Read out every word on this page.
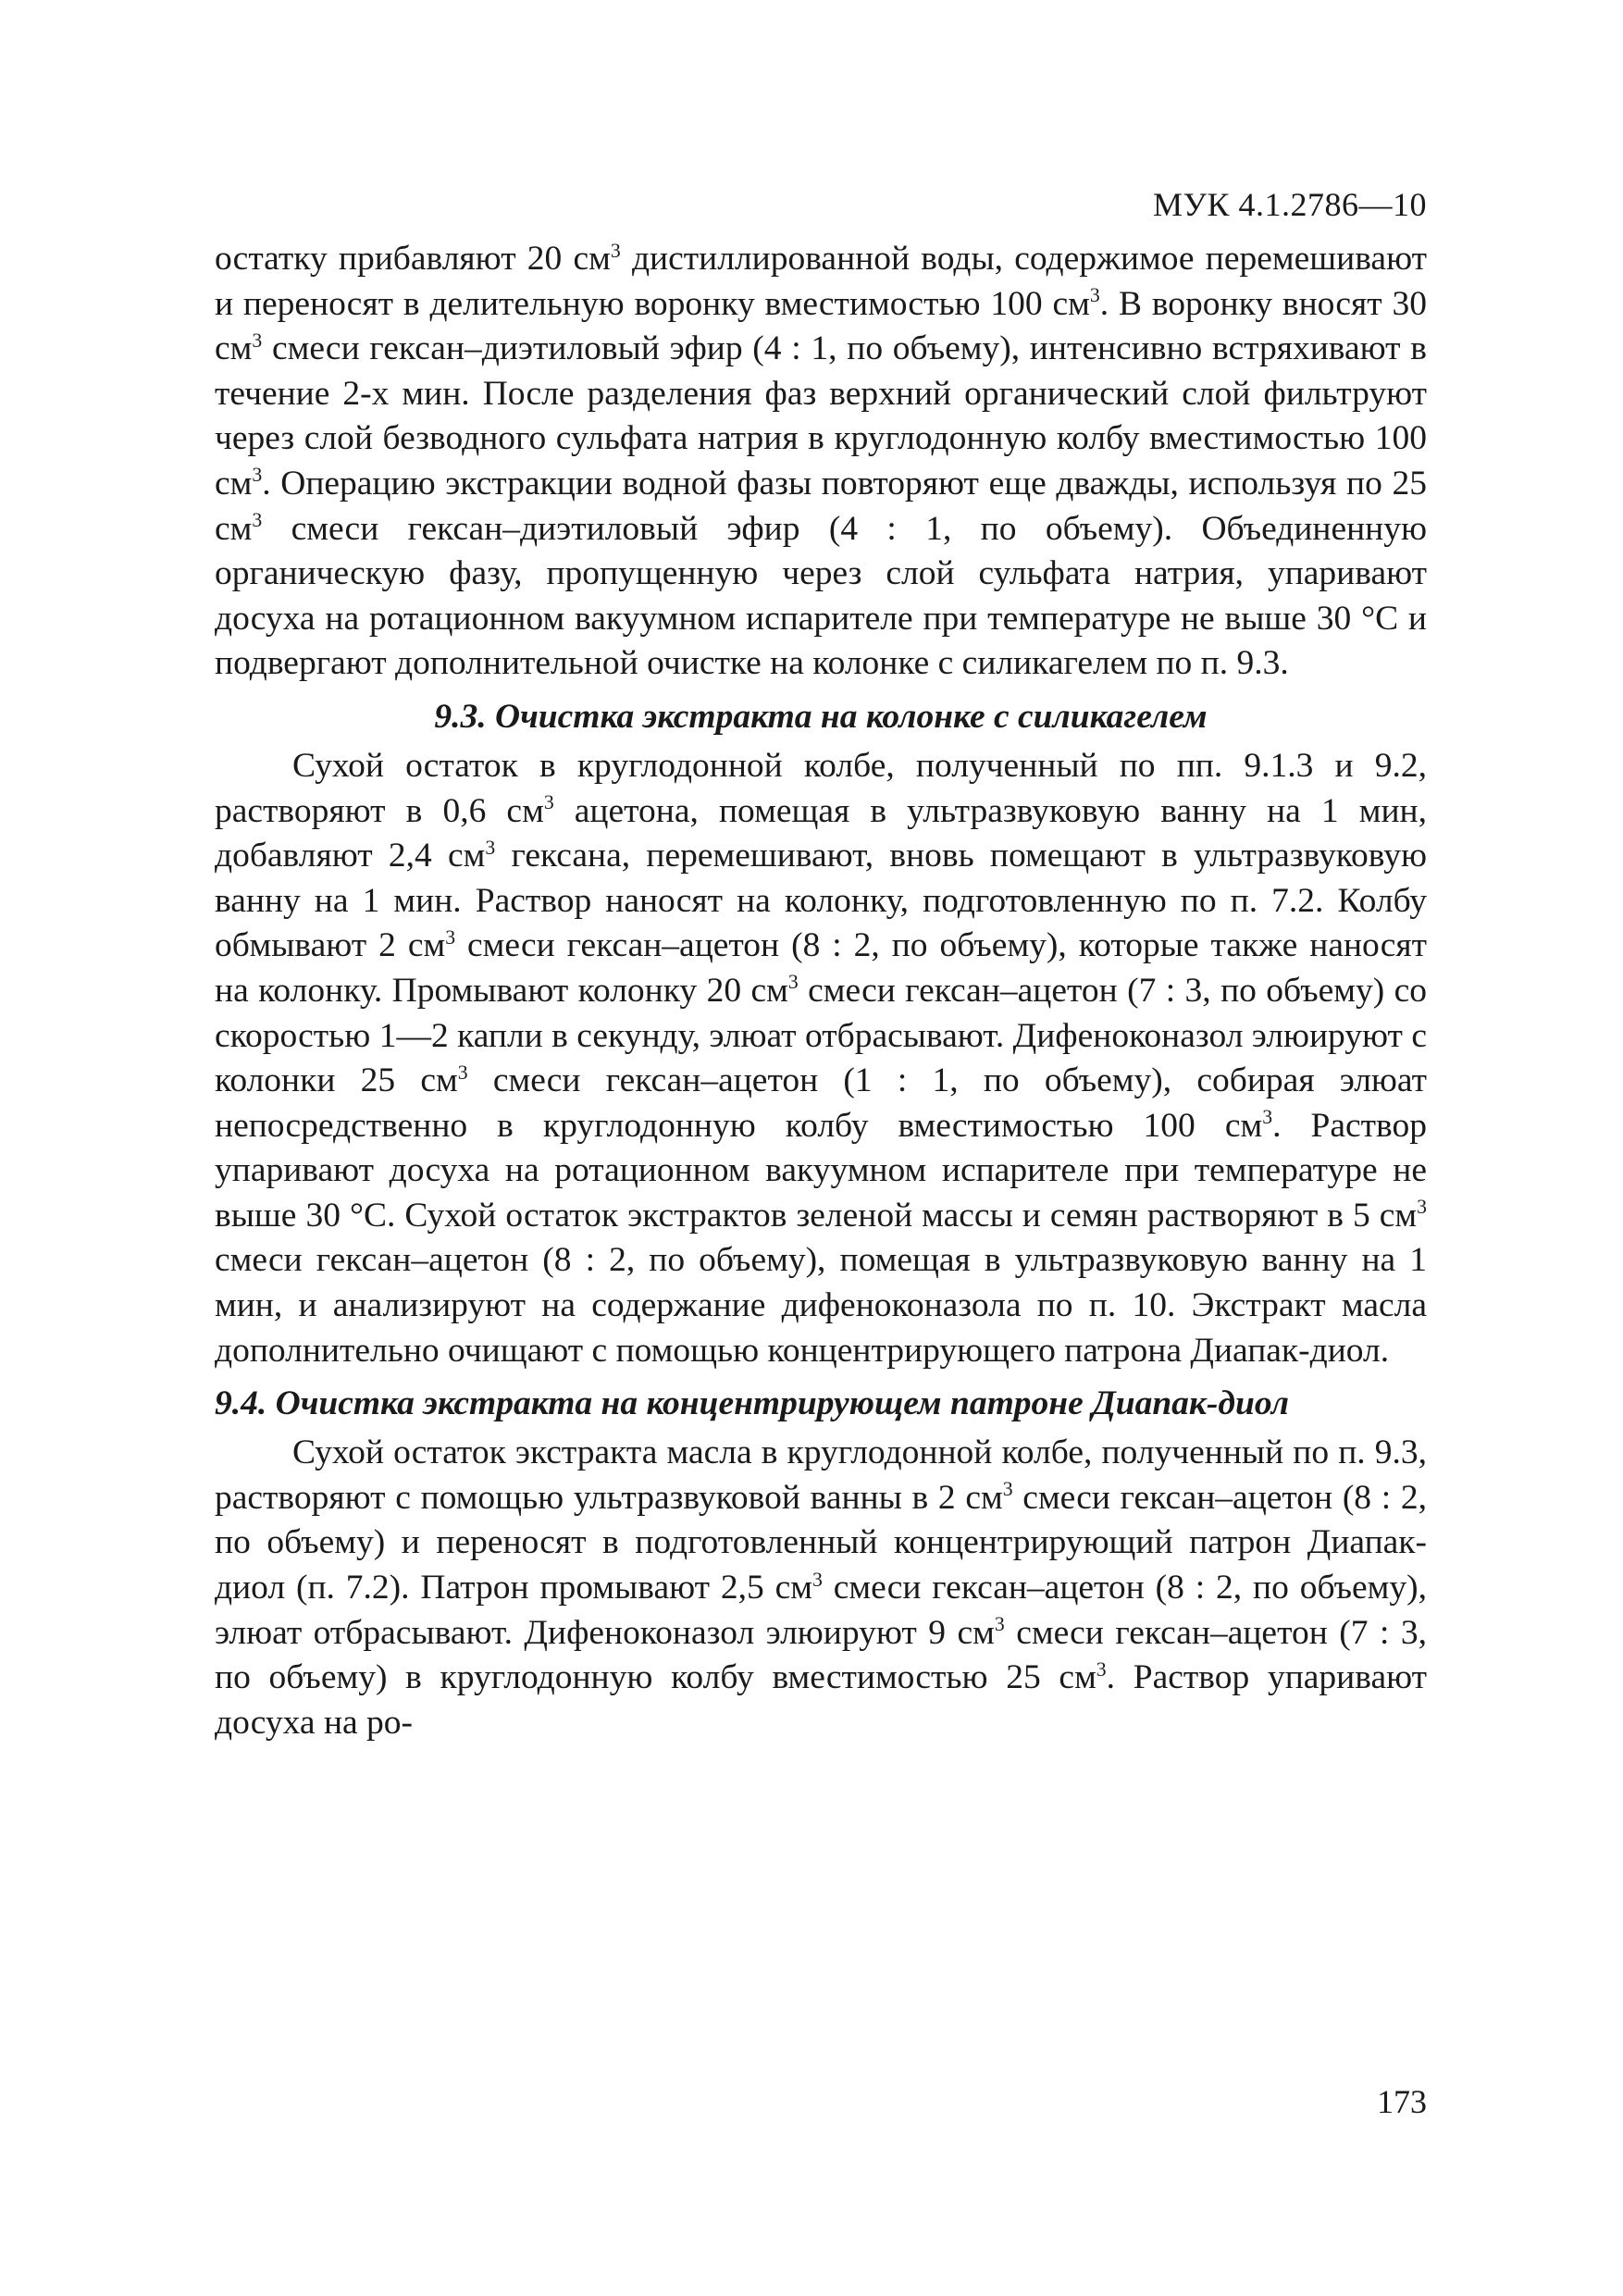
МУК 4.1.2786—10

остатку прибавляют 20 $см^3$ дистиллированной воды, содержимое перемешивают и переносят в делительную воронку вместимостью 100 $см^3$. В воронку вносят 30 $см^3$ смеси гексан–диэтиловый эфир (4 : 1, по объему), интенсивно встряхивают в течение 2-х мин. После разделения фаз верхний органический слой фильтруют через слой безводного сульфата натрия в круглодонную колбу вместимостью 100 $см^3$. Операцию экстракции водной фазы повторяют еще дважды, используя по 25 $см^3$ смеси гексан–диэтиловый эфир (4 : 1, по объему). Объединенную органическую фазу, пропущенную через слой сульфата натрия, упаривают досуха на ротационном вакуумном испарителе при температуре не выше 30 °С и подвергают дополнительной очистке на колонке с силикагелем по п. 9.3.

9.3. Очистка экстракта на колонке с силикагелем

Сухой остаток в круглодонной колбе, полученный по пп. 9.1.3 и 9.2, растворяют в 0,6 $см^3$ ацетона, помещая в ультразвуковую ванну на 1 мин, добавляют 2,4 $см^3$ гексана, перемешивают, вновь помещают в ультразвуковую ванну на 1 мин. Раствор наносят на колонку, подготовленную по п. 7.2. Колбу обмывают 2 $см^3$ смеси гексан–ацетон (8 : 2, по объему), которые также наносят на колонку. Промывают колонку 20 $см^3$ смеси гексан–ацетон (7 : 3, по объему) со скоростью 1—2 капли в секунду, элюат отбрасывают. Дифеноконазол элюируют с колонки 25 $см^3$ смеси гексан–ацетон (1 : 1, по объему), собирая элюат непосредственно в круглодонную колбу вместимостью 100 $см^3$. Раствор упаривают досуха на ротационном вакуумном испарителе при температуре не выше 30 °С. Сухой остаток экстрактов зеленой массы и семян растворяют в 5 $см^3$ смеси гексан–ацетон (8 : 2, по объему), помещая в ультразвуковую ванну на 1 мин, и анализируют на содержание дифеноконазола по п. 10. Экстракт масла дополнительно очищают с помощью концентрирующего патрона Диапак-диол.

9.4. Очистка экстракта на концентрирующем патроне Диапак-диол

Сухой остаток экстракта масла в круглодонной колбе, полученный по п. 9.3, растворяют с помощью ультразвуковой ванны в 2 $см^3$ смеси гексан–ацетон (8 : 2, по объему) и переносят в подготовленный концентрирующий патрон Диапак-диол (п. 7.2). Патрон промывают 2,5 $см^3$ смеси гексан–ацетон (8 : 2, по объему), элюат отбрасывают. Дифеноконазол элюируют 9 $см^3$ смеси гексан–ацетон (7 : 3, по объему) в круглодонную колбу вместимостью 25 $см^3$. Раствор упаривают досуха на ро-

173
